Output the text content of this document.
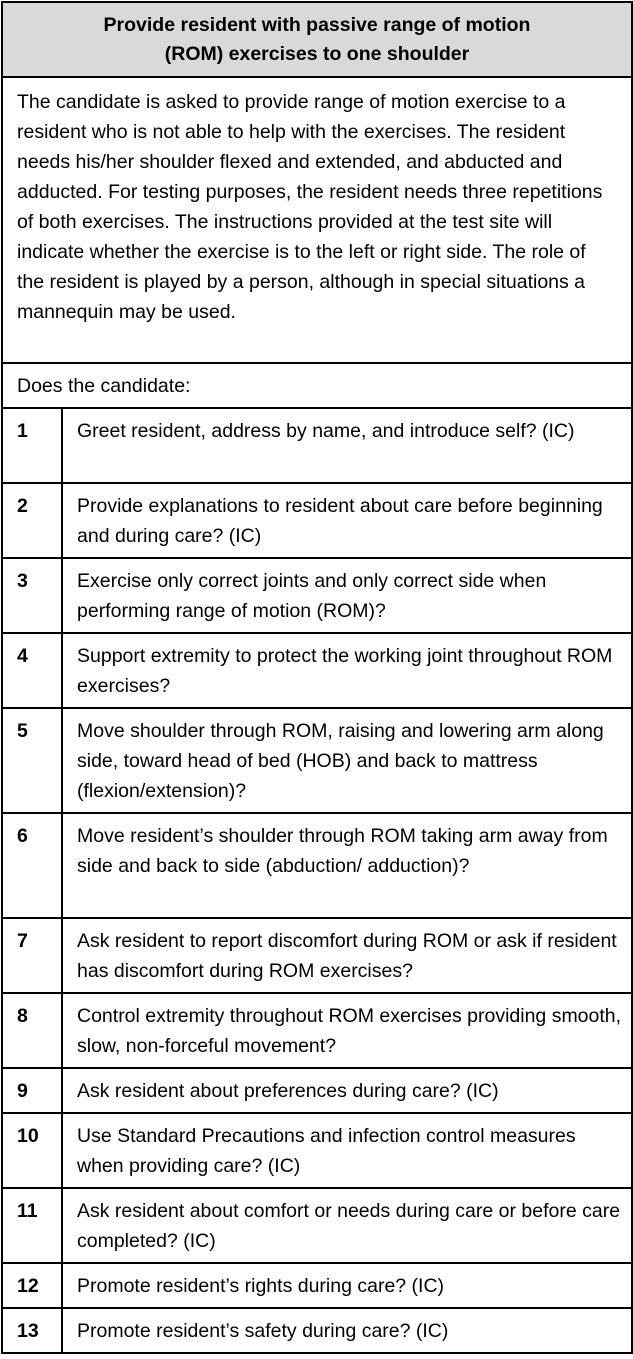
Provide resident with passive range of motion
(ROM) exercises to one shoulder	
The candidate is asked to provide range of motion exercise to a resident who is not able to help with the exercises. The resident needs his/her shoulder flexed and extended, and abducted and adducted. For testing purposes, the resident needs three repetitions of both exercises. The instructions provided at the test site will indicate whether the exercise is to the left or right side. The role of the resident is played by a person, although in special situations a mannequin may be used.	
Does the candidate:	
1	Greet resident, address by name, and introduce self? (IC)
2	Provide explanations to resident about care before beginning and during care? (IC)
3	Exercise only correct joints and only correct side when performing range of motion (ROM)?
4	Support extremity to protect the working joint throughout ROM exercises?
5	Move shoulder through ROM, raising and lowering arm along side, toward head of bed (HOB) and back to mattress (flexion/extension)?
6	Move resident’s shoulder through ROM taking arm away from side and back to side (abduction/ adduction)?
7	Ask resident to report discomfort during ROM or ask if resident has discomfort during ROM exercises?
8	Control extremity throughout ROM exercises providing smooth, slow, non-forceful movement?
9	Ask resident about preferences during care? (IC)
10	Use Standard Precautions and infection control measures when providing care? (IC)
11	Ask resident about comfort or needs during care or before care completed? (IC)
12	Promote resident’s rights during care? (IC)
13	Promote resident’s safety during care? (IC)
